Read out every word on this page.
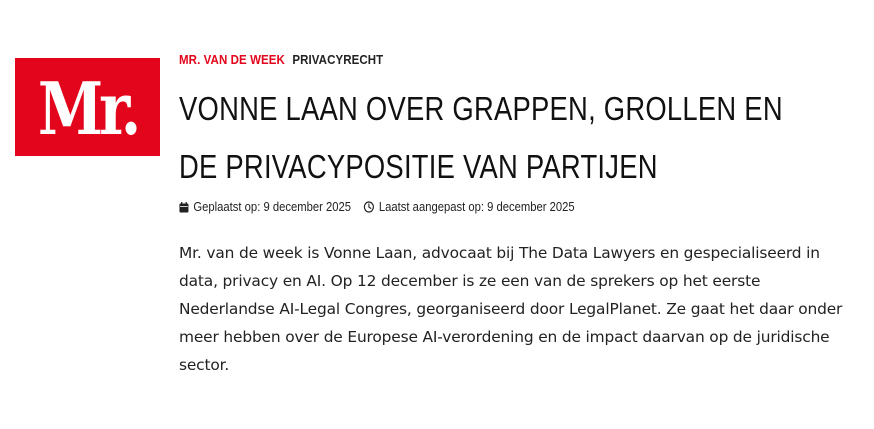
Mr.
MR. VAN DE WEEK PRIVACYRECHT
VONNE LAAN OVER GRAPPEN, GROLLEN EN DE PRIVACYPOSITIE VAN PARTIJEN
Geplaatst op: 9 december 2025 Laatst aangepast op: 9 december 2025

Mr. van de week is Vonne Laan, advocaat bij The Data Lawyers en gespecialiseerd in data, privacy en AI. Op 12 december is ze een van de sprekers op het eerste Nederlandse AI-Legal Congres, georganiseerd door LegalPlanet. Ze gaat het daar onder meer hebben over de Europese AI-verordening en de impact daarvan op de juridische sector.
